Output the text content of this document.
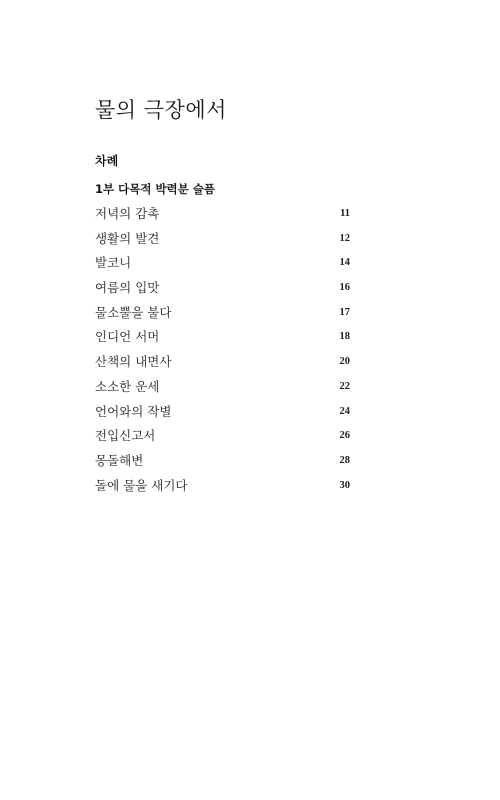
물의 극장에서
차례
1부 다목적 박력분 슬픔
저녁의 감촉	11
생활의 발견	12
발코니	14
여름의 입맛	16
물소뿔을 불다	17
인디언 서머	18
산책의 내면사	20
소소한 운세	22
언어와의 작별	24
전입신고서	26
몽돌해변	28
돌에 물을 새기다	30
